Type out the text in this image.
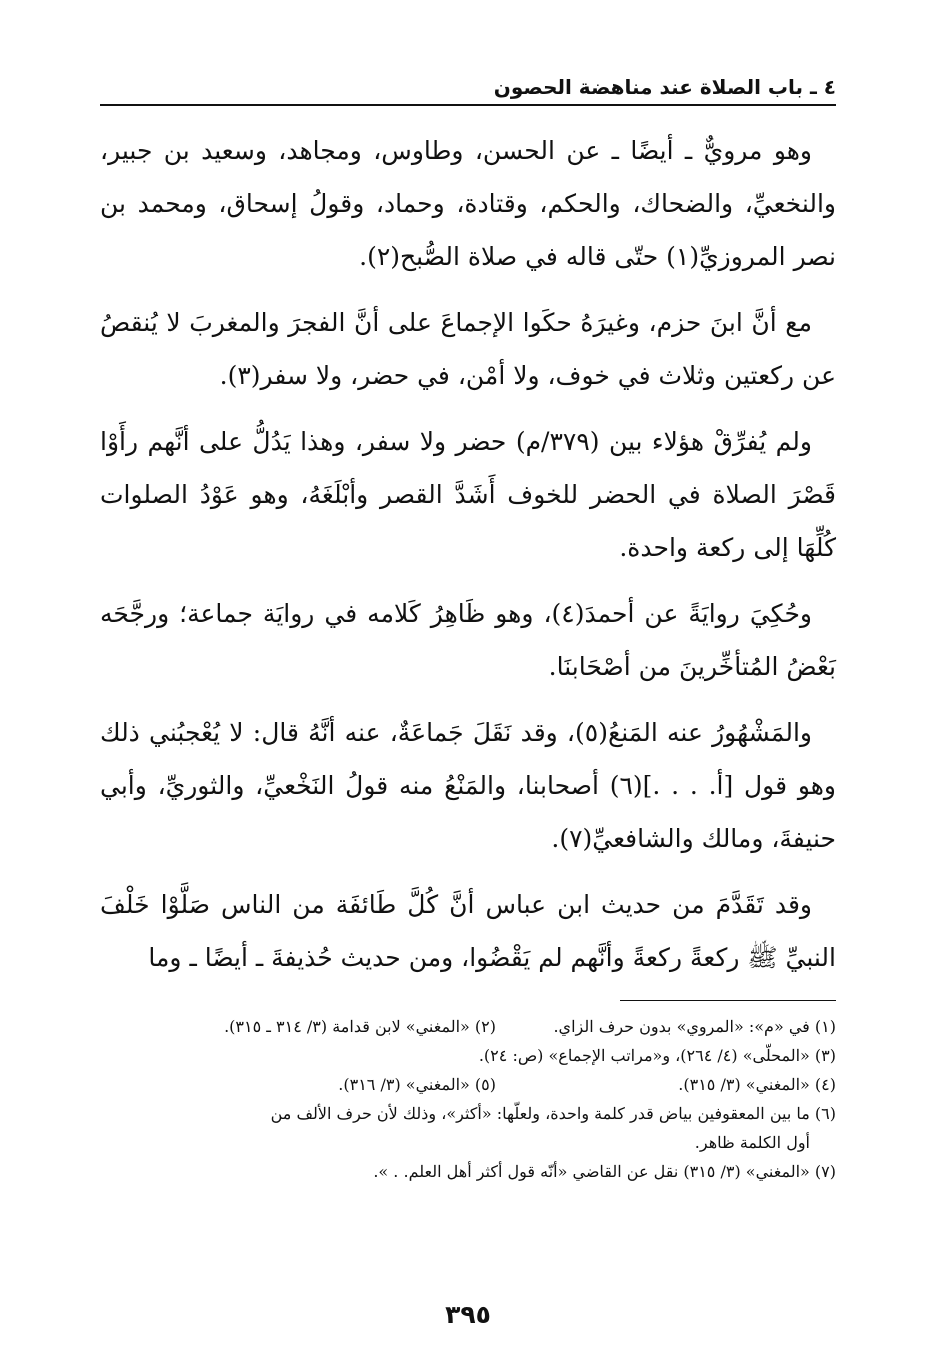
٤ ـ باب الصلاة عند مناهضة الحصون

وهو مرويٌّ ـ أيضًا ـ عن الحسن، وطاوس، ومجاهد، وسعيد بن جبير، والنخعيِّ، والضحاك، والحكم، وقتادة، وحماد، وقولُ إسحاق، ومحمد بن نصر المروزيِّ(١) حتّى قاله في صلاة الصُّبح(٢).

مع أنَّ ابنَ حزم، وغيرَهُ حكَوا الإجماعَ على أنَّ الفجرَ والمغربَ لا يُنقصُ عن ركعتين وثلاث في خوف، ولا أمْن، في حضر، ولا سفر(٣).

ولم يُفرِّقْ هؤلاء بين (٣٧٩/م) حضر ولا سفر، وهذا يَدُلُّ على أنَّهم رأَوْا قَصْرَ الصلاة في الحضر للخوف أَشَدَّ القصر وأبْلَغَهُ، وهو عَوْدُ الصلوات كُلِّهَا إلى ركعة واحدة.

وحُكِيَ روايَةً عن أحمدَ(٤)، وهو ظَاهِرُ كَلامه في روايَة جماعة؛ ورجَّحَه بَعْضُ المُتأخِّرينَ من أصْحَابنَا.

والمَشْهُورُ عنه المَنعُ(٥)، وقد نَقَلَ جَماعَةٌ، عنه أنَّهُ قال: لا يُعْجبُني ذلك وهو قول [أ. . . .](٦) أصحابنا، والمَنْعُ منه قولُ النَخْعيِّ، والثوريِّ، وأبي حنيفةَ، ومالك والشافعيِّ(٧).

وقد تَقَدَّمَ من حديث ابن عباس أنَّ كُلَّ طَائفَة من الناس صَلَّوْا خَلْفَ النبيِّ ﷺ ركعةً ركعةً وأنَّهم لم يَقْضُوا، ومن حديث حُذيفةَ ـ أيضًا ـ وما

(١) في «م»: «المروي» بدون حرف الزاي.
(٢) «المغني» لابن قدامة (٣/ ٣١٤ ـ ٣١٥).
(٣) «المحلّى» (٤/ ٢٦٤)، و«مراتب الإجماع» (ص: ٢٤).
(٤) «المغني» (٣/ ٣١٥).
(٥) «المغني» (٣/ ٣١٦).
(٦) ما بين المعقوفين بياض قدر كلمة واحدة، ولعلّها: «أكثر»، وذلك لأن حرف الألف من
أول الكلمة ظاهر.
(٧) «المغني» (٣/ ٣١٥) نقل عن القاضي «أنّه قول أكثر أهل العلم. . ».
٣٩٥
